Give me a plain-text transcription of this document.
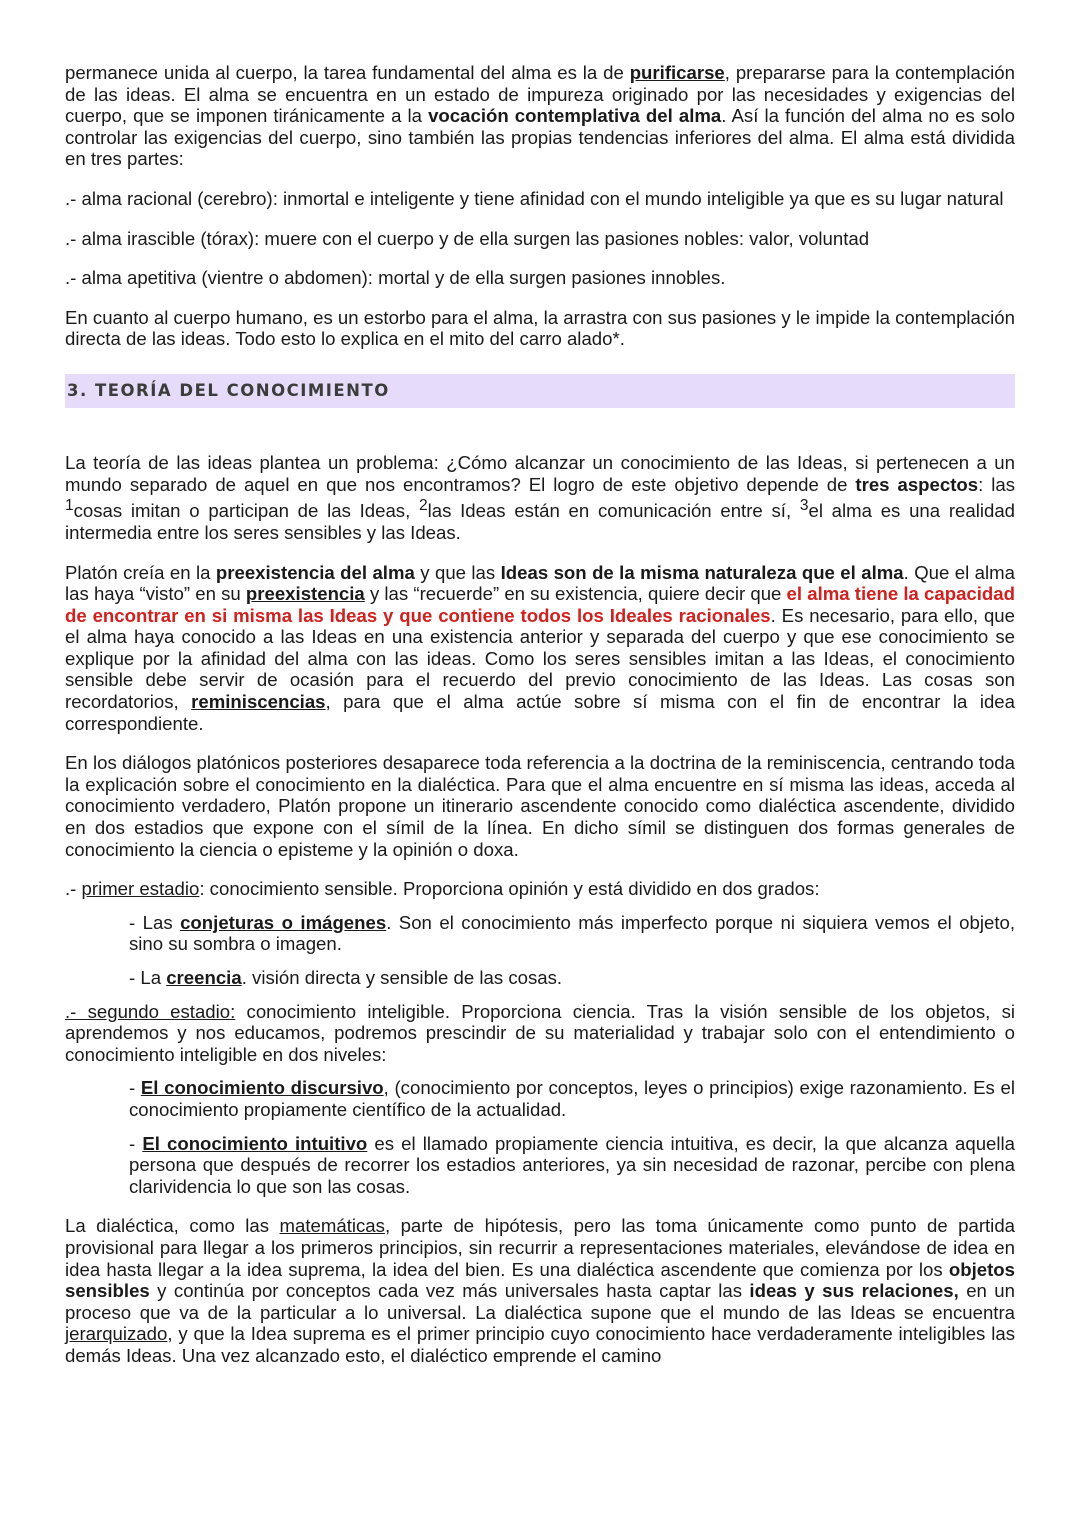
permanece unida al cuerpo, la tarea fundamental del alma es la de purificarse, prepararse para la contemplación de las ideas. El alma se encuentra en un estado de impureza originado por las necesidades y exigencias del cuerpo, que se imponen tiránicamente a la vocación contemplativa del alma. Así la función del alma no es solo controlar las exigencias del cuerpo, sino también las propias tendencias inferiores del alma. El alma está dividida en tres partes:

.- alma racional (cerebro): inmortal e inteligente y tiene afinidad con el mundo inteligible ya que es su lugar natural

.- alma irascible (tórax): muere con el cuerpo y de ella surgen las pasiones nobles: valor, voluntad

.- alma apetitiva (vientre o abdomen): mortal y de ella surgen pasiones innobles.

En cuanto al cuerpo humano, es un estorbo para el alma, la arrastra con sus pasiones y le impide la contemplación directa de las ideas. Todo esto lo explica en el mito del carro alado*.

3. TEORÍA DEL CONOCIMIENTO

La teoría de las ideas plantea un problema: ¿Cómo alcanzar un conocimiento de las Ideas, si pertenecen a un mundo separado de aquel en que nos encontramos? El logro de este objetivo depende de tres aspectos: las $^1$cosas imitan o participan de las Ideas, $^2$las Ideas están en comunicación entre sí, $^3$el alma es una realidad intermedia entre los seres sensibles y las Ideas.

Platón creía en la preexistencia del alma y que las Ideas son de la misma naturaleza que el alma. Que el alma las haya “visto” en su preexistencia y las “recuerde” en su existencia, quiere decir que el alma tiene la capacidad de encontrar en si misma las Ideas y que contiene todos los Ideales racionales. Es necesario, para ello, que el alma haya conocido a las Ideas en una existencia anterior y separada del cuerpo y que ese conocimiento se explique por la afinidad del alma con las ideas. Como los seres sensibles imitan a las Ideas, el conocimiento sensible debe servir de ocasión para el recuerdo del previo conocimiento de las Ideas. Las cosas son recordatorios, reminiscencias, para que el alma actúe sobre sí misma con el fin de encontrar la idea correspondiente.

En los diálogos platónicos posteriores desaparece toda referencia a la doctrina de la reminiscencia, centrando toda la explicación sobre el conocimiento en la dialéctica. Para que el alma encuentre en sí misma las ideas, acceda al conocimiento verdadero, Platón propone un itinerario ascendente conocido como dialéctica ascendente, dividido en dos estadios que expone con el símil de la línea. En dicho símil se distinguen dos formas generales de conocimiento la ciencia o episteme y la opinión o doxa.

.- primer estadio: conocimiento sensible. Proporciona opinión y está dividido en dos grados:

- Las conjeturas o imágenes. Son el conocimiento más imperfecto porque ni siquiera vemos el objeto, sino su sombra o imagen.

- La creencia. visión directa y sensible de las cosas.

.- segundo estadio: conocimiento inteligible. Proporciona ciencia. Tras la visión sensible de los objetos, si aprendemos y nos educamos, podremos prescindir de su materialidad y trabajar solo con el entendimiento o conocimiento inteligible en dos niveles:

- El conocimiento discursivo, (conocimiento por conceptos, leyes o principios) exige razonamiento. Es el conocimiento propiamente científico de la actualidad.

- El conocimiento intuitivo es el llamado propiamente ciencia intuitiva, es decir, la que alcanza aquella persona que después de recorrer los estadios anteriores, ya sin necesidad de razonar, percibe con plena clarividencia lo que son las cosas.

La dialéctica, como las matemáticas, parte de hipótesis, pero las toma únicamente como punto de partida provisional para llegar a los primeros principios, sin recurrir a representaciones materiales, elevándose de idea en idea hasta llegar a la idea suprema, la idea del bien. Es una dialéctica ascendente que comienza por los objetos sensibles y continúa por conceptos cada vez más universales hasta captar las ideas y sus relaciones, en un proceso que va de la particular a lo universal. La dialéctica supone que el mundo de las Ideas se encuentra jerarquizado, y que la Idea suprema es el primer principio cuyo conocimiento hace verdaderamente inteligibles las demás Ideas. Una vez alcanzado esto, el dialéctico emprende el camino
